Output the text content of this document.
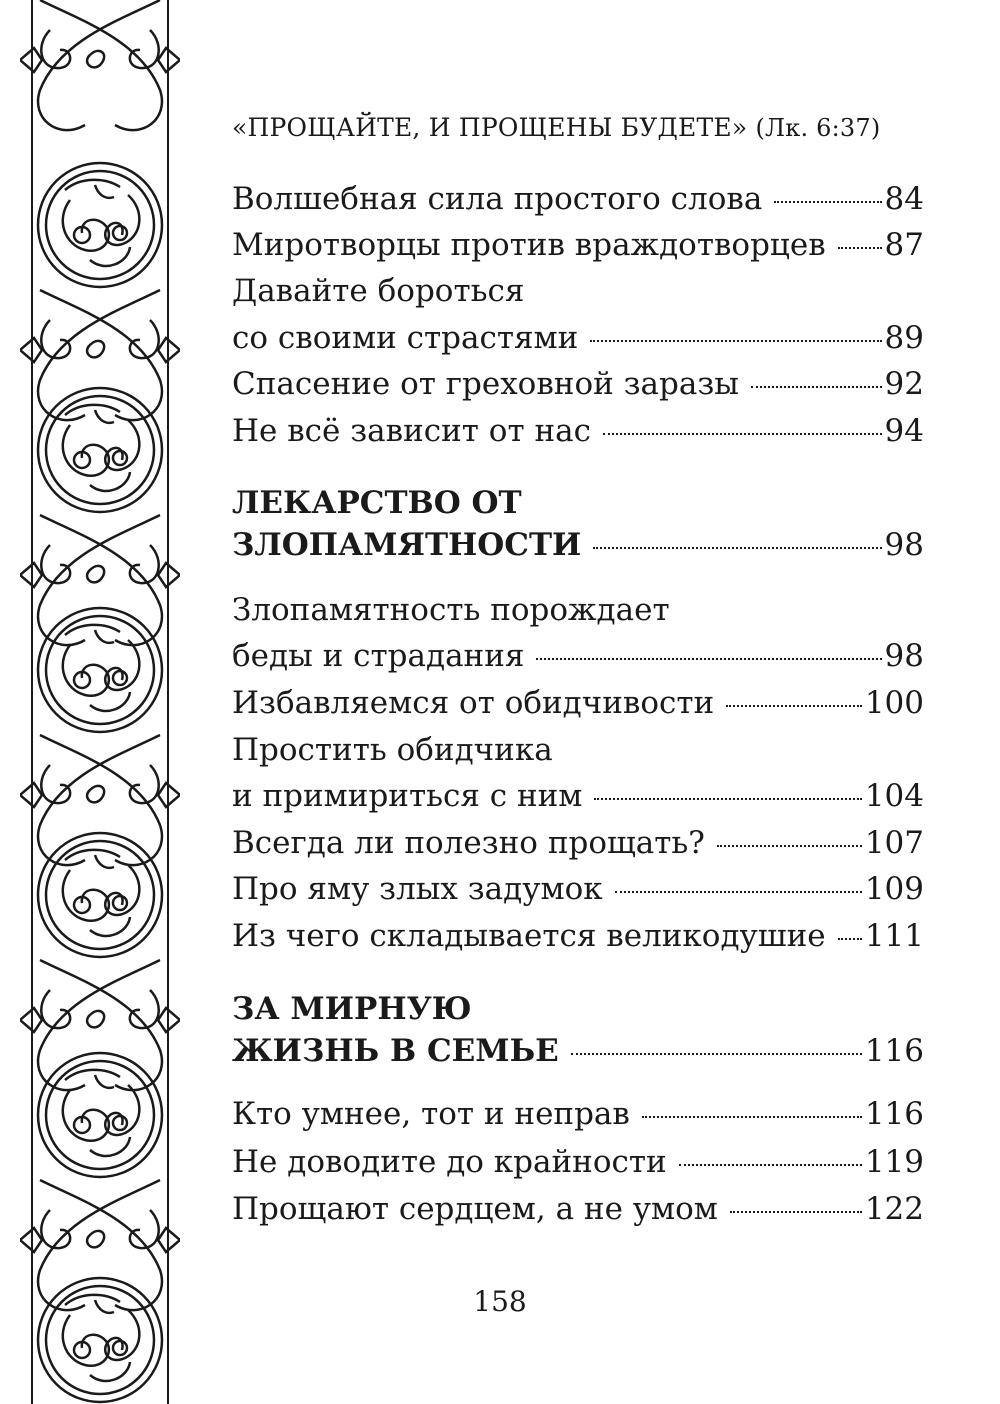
«ПРОЩАЙТЕ, И ПРОЩЕНЫ БУДЕТЕ» (Лк. 6:37)
Волшебная сила простого слова	84
Миротворцы против враждотворцев 87
Давайте бороться
со своими страстями	89
Спасение от греховной заразы	92
Не всё зависит от нас	94
ЛЕКАРСТВО ОТ
ЗЛОПАМЯТНОСТИ	98
Злопамятность порождает
беды и страдания	98
Избавляемся от обидчивости	100
Простить обидчика
и примириться с ним	104
Всегда ли полезно прощать?	107
Про яму злых задумок	109
Из чего складывается великодушие 111
ЗА МИРНУЮ
ЖИЗНЬ В СЕМЬЕ	116
Кто умнее, тот и неправ	116
Не доводите до крайности	119
Прощают сердцем, а не умом	122
158
